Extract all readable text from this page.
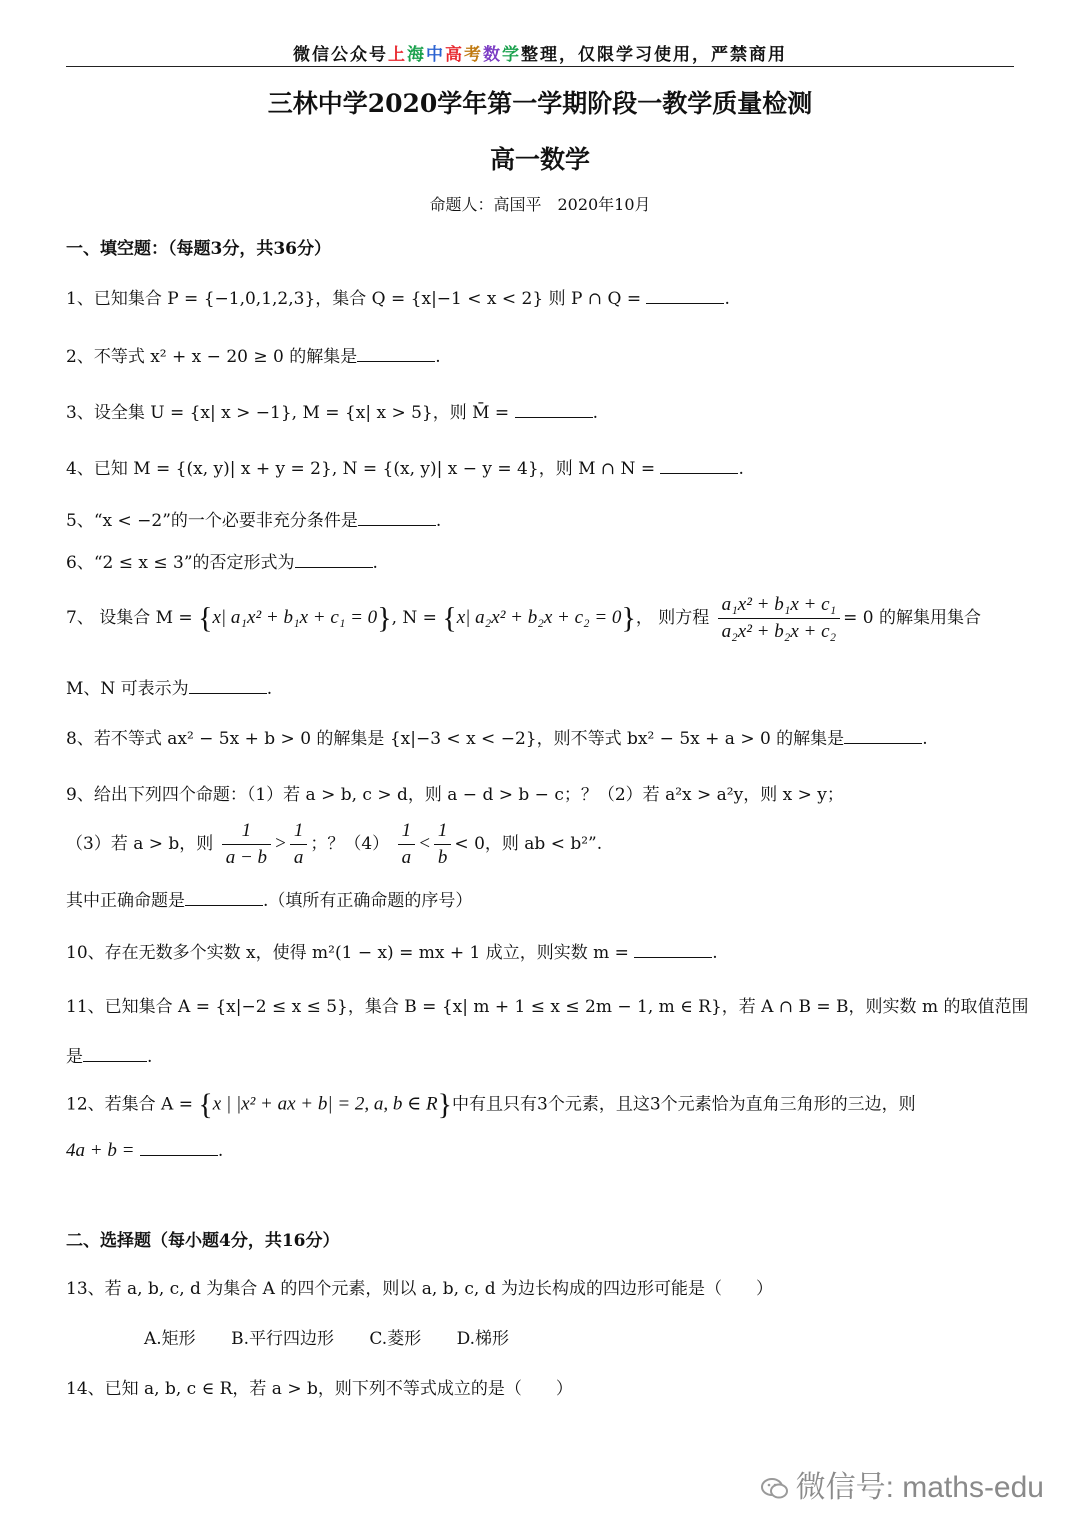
微信公众号上海中高考数学整理，仅限学习使用，严禁商用
三林中学2020学年第一学期阶段一教学质量检测
高一数学
命题人：高国平　2020年10月
一、填空题：（每题3分，共36分）
1、已知集合 P = {−1,0,1,2,3}，集合 Q = {x|−1 < x < 2} 则 P ∩ Q =	.
2、不等式 x² + x − 20 ≥ 0 的解集是	.
3、设全集 U = {x| x > −1}, M = {x| x > 5}，则 M̄ =	.
4、已知 M = {(x, y)| x + y = 2}, N = {(x, y)| x − y = 4}，则 M ∩ N =	.
5、“x < −2”的一个必要非充分条件是	.
6、“2 ≤ x ≤ 3”的否定形式为	.
7、 设集合 M = {x| a₁x² + b₁x + c₁ = 0}, N = {x| a₂x² + b₂x + c₂ = 0}， 则方程 $\frac{\text{a₁x² + b₁x + c₁}}{\text{a₂x² + b₂x + c₂}} = 0$ 的解集用集合
M、N 可表示为	.
8、若不等式 ax² − 5x + b > 0 的解集是 {x|−3 < x < −2}，则不等式 bx² − 5x + a > 0 的解集是	.
9、给出下列四个命题：（1）若 a > b, c > d，则 a − d > b − c；？（2）若 a²x > a²y，则 x > y；
（3）若 a > b，则 $\frac{1}{a - b} > \frac{1}{a}$ ；？$(4) \frac{1}{a} < \frac{1}{b} < 0$，则 ab < b²”.
其中正确命题是	.（填所有正确命题的序号）
10、存在无数多个实数 x，使得 m²(1 − x) = mx + 1 成立，则实数 m =	.
11、已知集合 A = {x|−2 ≤ x ≤ 5}，集合 B = {x| m + 1 ≤ x ≤ 2m − 1, m ∈ R}，若 A ∩ B = B，则实数 m 的取值范围
是	.
12、若集合 A = {x | |x² + ax + b| = 2, a, b ∈ R}中有且只有3个元素，且这3个元素恰为直角三角形的三边，则
4a + b =	.
二、选择题（每小题4分，共16分）
13、若 a, b, c, d 为集合 A 的四个元素，则以 a, b, c, d 为边长构成的四边形可能是（　　）
A.矩形 B.平行四边形 C.菱形 D.梯形
14、已知 a, b, c ∈ R，若 a > b，则下列不等式成立的是（　　）
微信号: maths-edu
